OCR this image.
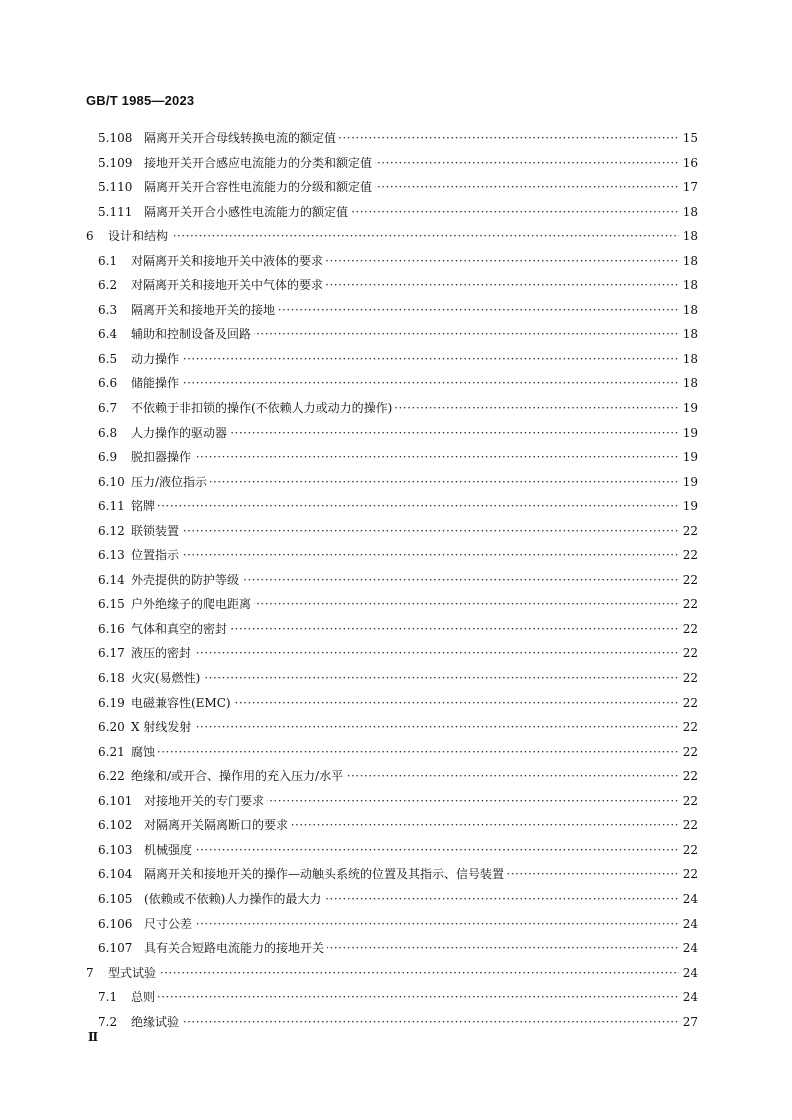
GB/T 1985—2023
5.108 ····· 隔离开关开合母线转换电流的额定值	15
5.109 ····· 接地开关开合感应电流能力的分类和额定值	16
5.110 ····· 隔离开关开合容性电流能力的分级和额定值	17
5.111 ····· 隔离开关开合小感性电流能力的额定值	18
6 ····· 设计和结构	18
6.1 ····· 对隔离开关和接地开关中液体的要求	18
6.2 ····· 对隔离开关和接地开关中气体的要求	18
6.3 ····· 隔离开关和接地开关的接地	18
6.4 ····· 辅助和控制设备及回路	18
6.5 ····· 动力操作	18
6.6 ····· 储能操作	18
6.7 ····· 不依赖于非扣锁的操作(不依赖人力或动力的操作)	19
6.8 ····· 人力操作的驱动器	19
6.9 ····· 脱扣器操作	19
6.10 ····· 压力/液位指示	19
6.11 ····· 铭牌	19
6.12 ····· 联锁装置	22
6.13 ····· 位置指示	22
6.14 ····· 外壳提供的防护等级	22
6.15 ····· 户外绝缘子的爬电距离	22
6.16 ····· 气体和真空的密封	22
6.17 ····· 液压的密封	22
6.18 ····· 火灾(易燃性)	22
6.19 ····· 电磁兼容性(EMC)	22
6.20 ····· X 射线发射	22
6.21 ····· 腐蚀	22
6.22 ····· 绝缘和/或开合、操作用的充入压力/水平	22
6.101 ····· 对接地开关的专门要求	22
6.102 ····· 对隔离开关隔离断口的要求	22
6.103 ····· 机械强度	22
6.104 ····· 隔离开关和接地开关的操作—动触头系统的位置及其指示、信号装置	22
6.105 ····· (依赖或不依赖)人力操作的最大力	24
6.106 ····· 尺寸公差	24
6.107 ····· 具有关合短路电流能力的接地开关	24
7 ····· 型式试验	24
7.1 ····· 总则	24
7.2 ····· 绝缘试验	27
Ⅱ
